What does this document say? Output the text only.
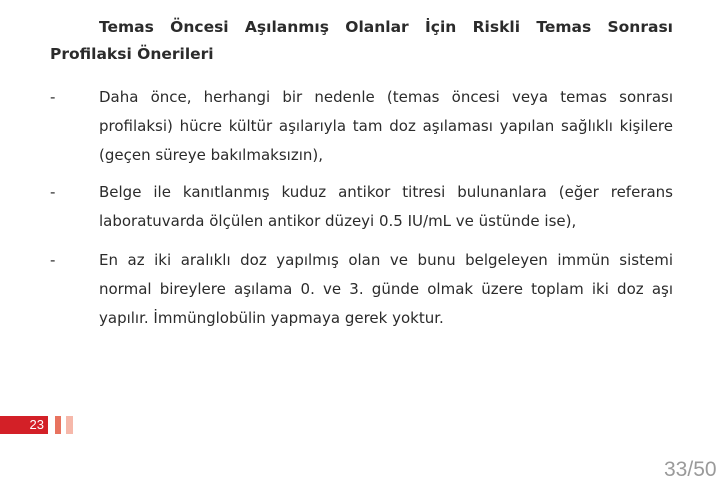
Temas Öncesi Aşılanmış Olanlar İçin Riskli Temas Sonrası Profilaksi Önerileri
-	Daha önce, herhangi bir nedenle (temas öncesi veya temas sonrası profilaksi) hücre kültür aşılarıyla tam doz aşılaması yapılan sağlıklı kişilere (geçen süreye bakılmaksızın),
-	Belge ile kanıtlanmış kuduz antikor titresi bulunanlara (eğer referans laboratuvarda ölçülen antikor düzeyi 0.5 IU/mL ve üstünde ise),
-	En az iki aralıklı doz yapılmış olan ve bunu belgeleyen immün sistemi normal bireylere aşılama 0. ve 3. günde olmak üzere toplam iki doz aşı yapılır. İmmünglobülin yapmaya gerek yoktur.
23
33/50
